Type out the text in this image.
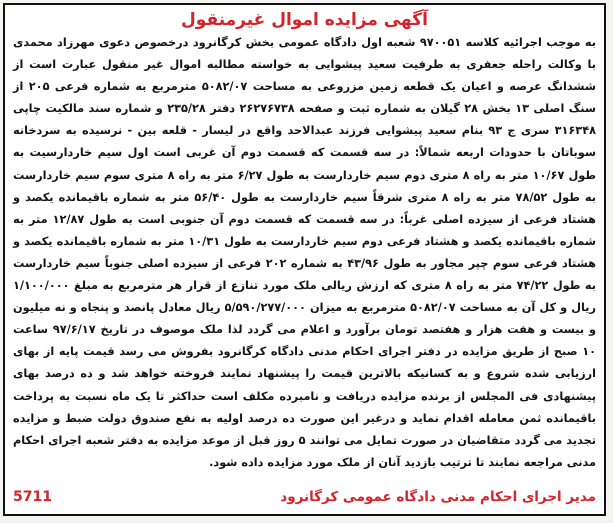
آگهی مزایده اموال غیرمنقول

به موجب اجرائیه کلاسه ۹۷۰۰۵۱ شعبه اول دادگاه عمومی بخش کرگانرود درخصوص دعوی مهرزاد محمدی با وکالت راحله جعفری به طرفیت سعید پیشوایی به خواسته مطالبه اموال غیر منقول عبارت است از ششدانگ عرصه و اعیان یک قطعه زمین مزروعی به مساحت ۵۰۸۲/۰۷ مترمربع به شماره فرعی ۲۰۵ از سنگ اصلی ۱۳ بخش ۲۸ گیلان به شماره ثبت و صفحه ۲۶۲۷۶۷۳۸ دفتر ۲۳۵/۲۸ و شماره سند مالکیت چاپی ۳۱۶۳۴۸ سری ج ۹۳ بنام سعید پیشوایی فرزند عبدالاحد واقع در لیسار - قلعه بین - نرسیده به سردخانه سوباتان با حدودات اربعه شمالاً: در سه قسمت که قسمت دوم آن غربی است اول سیم خاردارسیت به طول ۱۰/۶۷ متر به راه ۸ متری دوم سیم خاردارست به طول ۶/۲۷ متر به راه ۸ متری سوم سیم خاردارست به طول ۷۸/۵۲ متر به راه ۸ متری شرقاً سیم خاردارست به طول ۵۶/۴۰ متر به شماره باقیمانده یکصد و هشتاد فرعی از سیزده اصلی غرباً: در سه قسمت که قسمت دوم آن جنوبی است به طول ۱۲/۸۷ متر به شماره باقیمانده یکصد و هشتاد فرعی دوم سیم خاردارست به طول ۱۰/۳۱ متر به شماره باقیمانده یکصد و هشتاد فرعی سوم چپر مجاور به طول ۴۳/۹۶ به شماره ۲۰۲ فرعی از سیزده اصلی جنوباً سیم خاردارست به طول ۷۴/۲۲ متر به راه ۸ متری که ارزش ریالی ملک مورد تنازع از قرار هر مترمربع به مبلغ ۱/۱۰۰/۰۰۰ ریال و کل آن به مساحت ۵۰۸۲/۰۷ مترمربع به میزان ۵/۵۹۰/۲۷۷/۰۰۰ ریال معادل پانصد و پنجاه و نه میلیون و بیست و هفت هزار و هفتصد تومان برآورد و اعلام می گردد لذا ملک موصوف در تاریخ ۹۷/۶/۱۷ ساعت ۱۰ صبح از طریق مزایده در دفتر اجرای احکام مدنی دادگاه کرگانرود بفروش می رسد قیمت پایه از بهای ارزیابی شده شروع و به کسانیکه بالاترین قیمت را پیشنهاد نمایند فروخته خواهد شد و ده درصد بهای پیشنهادی فی المجلس از برنده مزایده دریافت و نامبرده مکلف است حداکثر تا یک ماه نسبت به پرداخت باقیمانده ثمن معامله اقدام نماید و درغیر این صورت ده درصد اولیه به نفع صندوق دولت ضبط و مزایده تجدید می گردد متقاضیان در صورت تمایل می توانند ۵ روز قبل از موعد مزایده به دفتر شعبه اجرای احکام مدنی مراجعه نمایند تا ترتیب بازدید آنان از ملک مورد مزایده داده شود.

مدیر اجرای احکام مدنی دادگاه عمومی کرگانرود
5711
